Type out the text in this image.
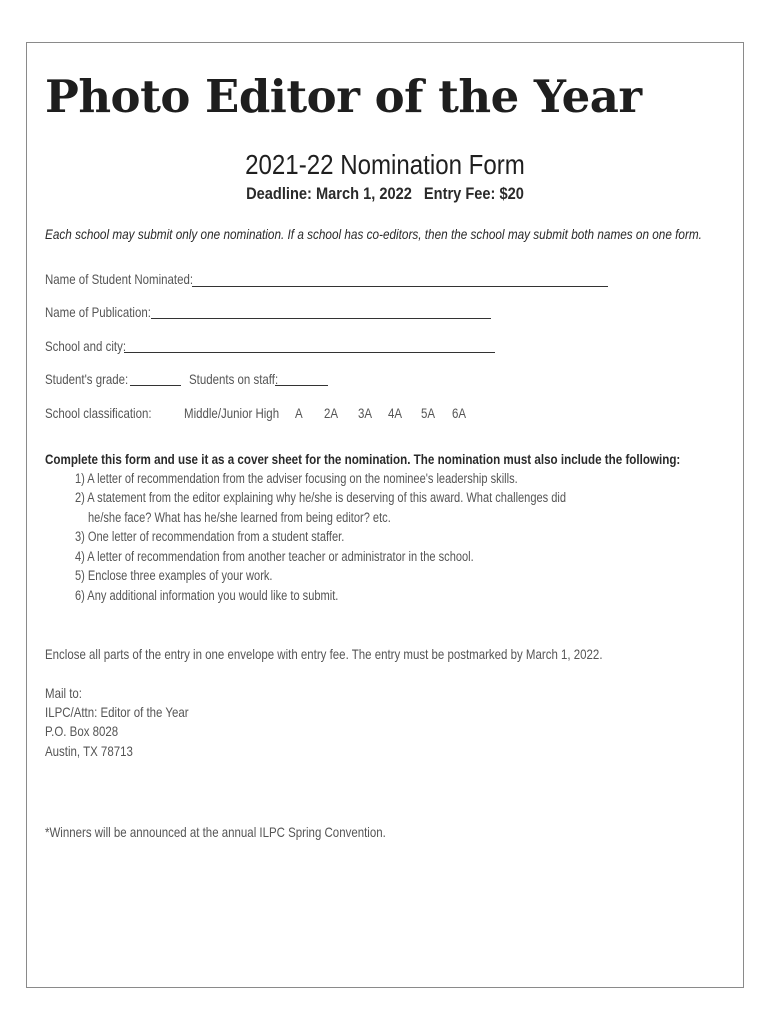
Photo Editor of the Year
2021-22 Nomination Form
Deadline: March 1, 2022 Entry Fee: $20
Each school may submit only one nomination. If a school has co-editors, then the school may submit both names on one form.
Name of Student Nominated:
Name of Publication:
School and city:
Student's grade:	Students on staff:
School classification: Middle/Junior High A 2A 3A 4A 5A 6A
Complete this form and use it as a cover sheet for the nomination. The nomination must also include the following:
1) A letter of recommendation from the adviser focusing on the nominee's leadership skills.
2) A statement from the editor explaining why he/she is deserving of this award. What challenges did
he/she face? What has he/she learned from being editor? etc.
3) One letter of recommendation from a student staffer.
4) A letter of recommendation from another teacher or administrator in the school.
5) Enclose three examples of your work.
6) Any additional information you would like to submit.
Enclose all parts of the entry in one envelope with entry fee. The entry must be postmarked by March 1, 2022.
Mail to:
ILPC/Attn: Editor of the Year
P.O. Box 8028
Austin, TX 78713
*Winners will be announced at the annual ILPC Spring Convention.
